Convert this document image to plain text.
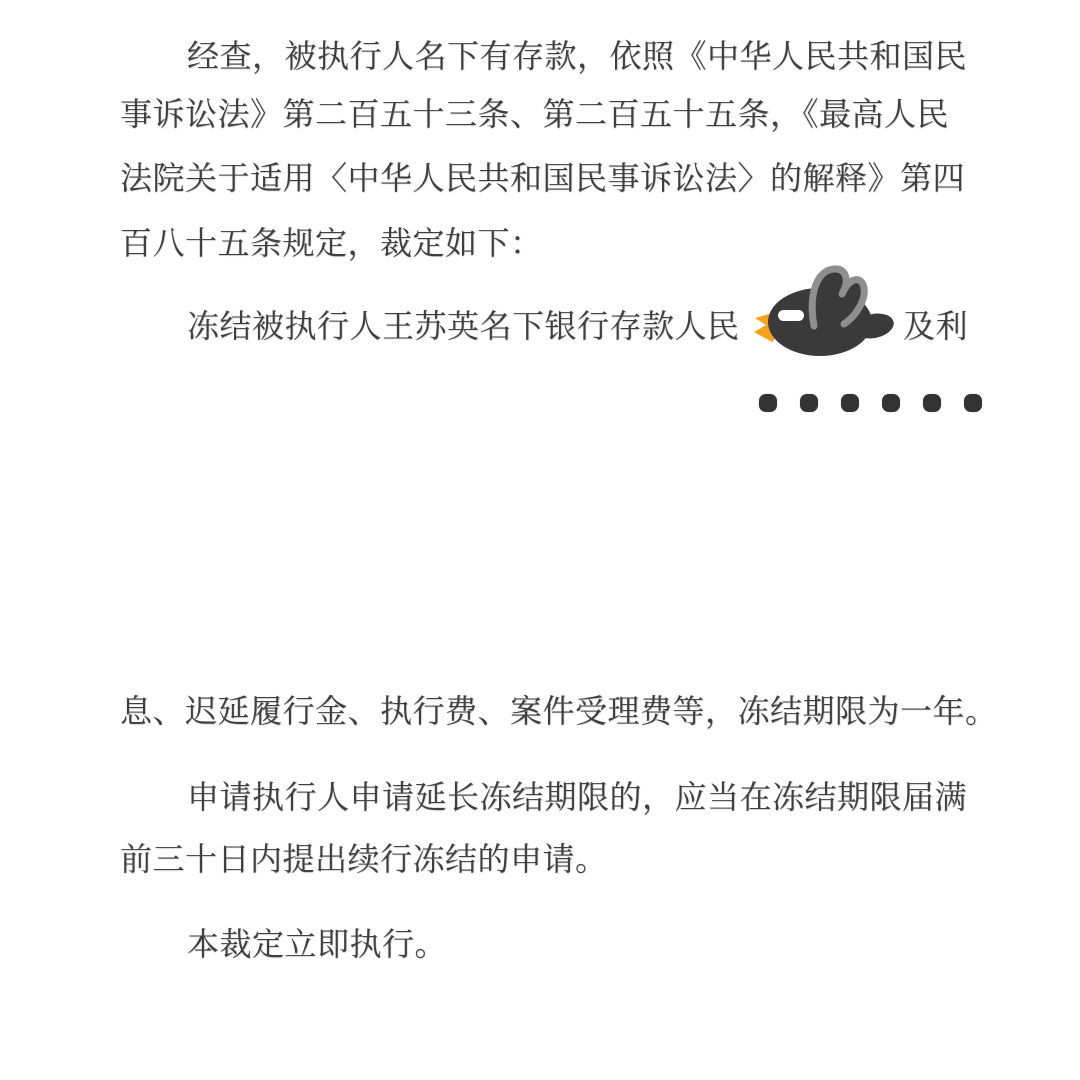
经查，被执行人名下有存款，依照《中华人民共和国民
事诉讼法》第二百五十三条、第二百五十五条，《最高人民
法院关于适用〈中华人民共和国民事诉讼法〉的解释》第四
百八十五条规定，裁定如下：
冻结被执行人王苏英名下银行存款人民	及利
息、迟延履行金、执行费、案件受理费等，冻结期限为一年。
申请执行人申请延长冻结期限的，应当在冻结期限届满
前三十日内提出续行冻结的申请。
本裁定立即执行。
